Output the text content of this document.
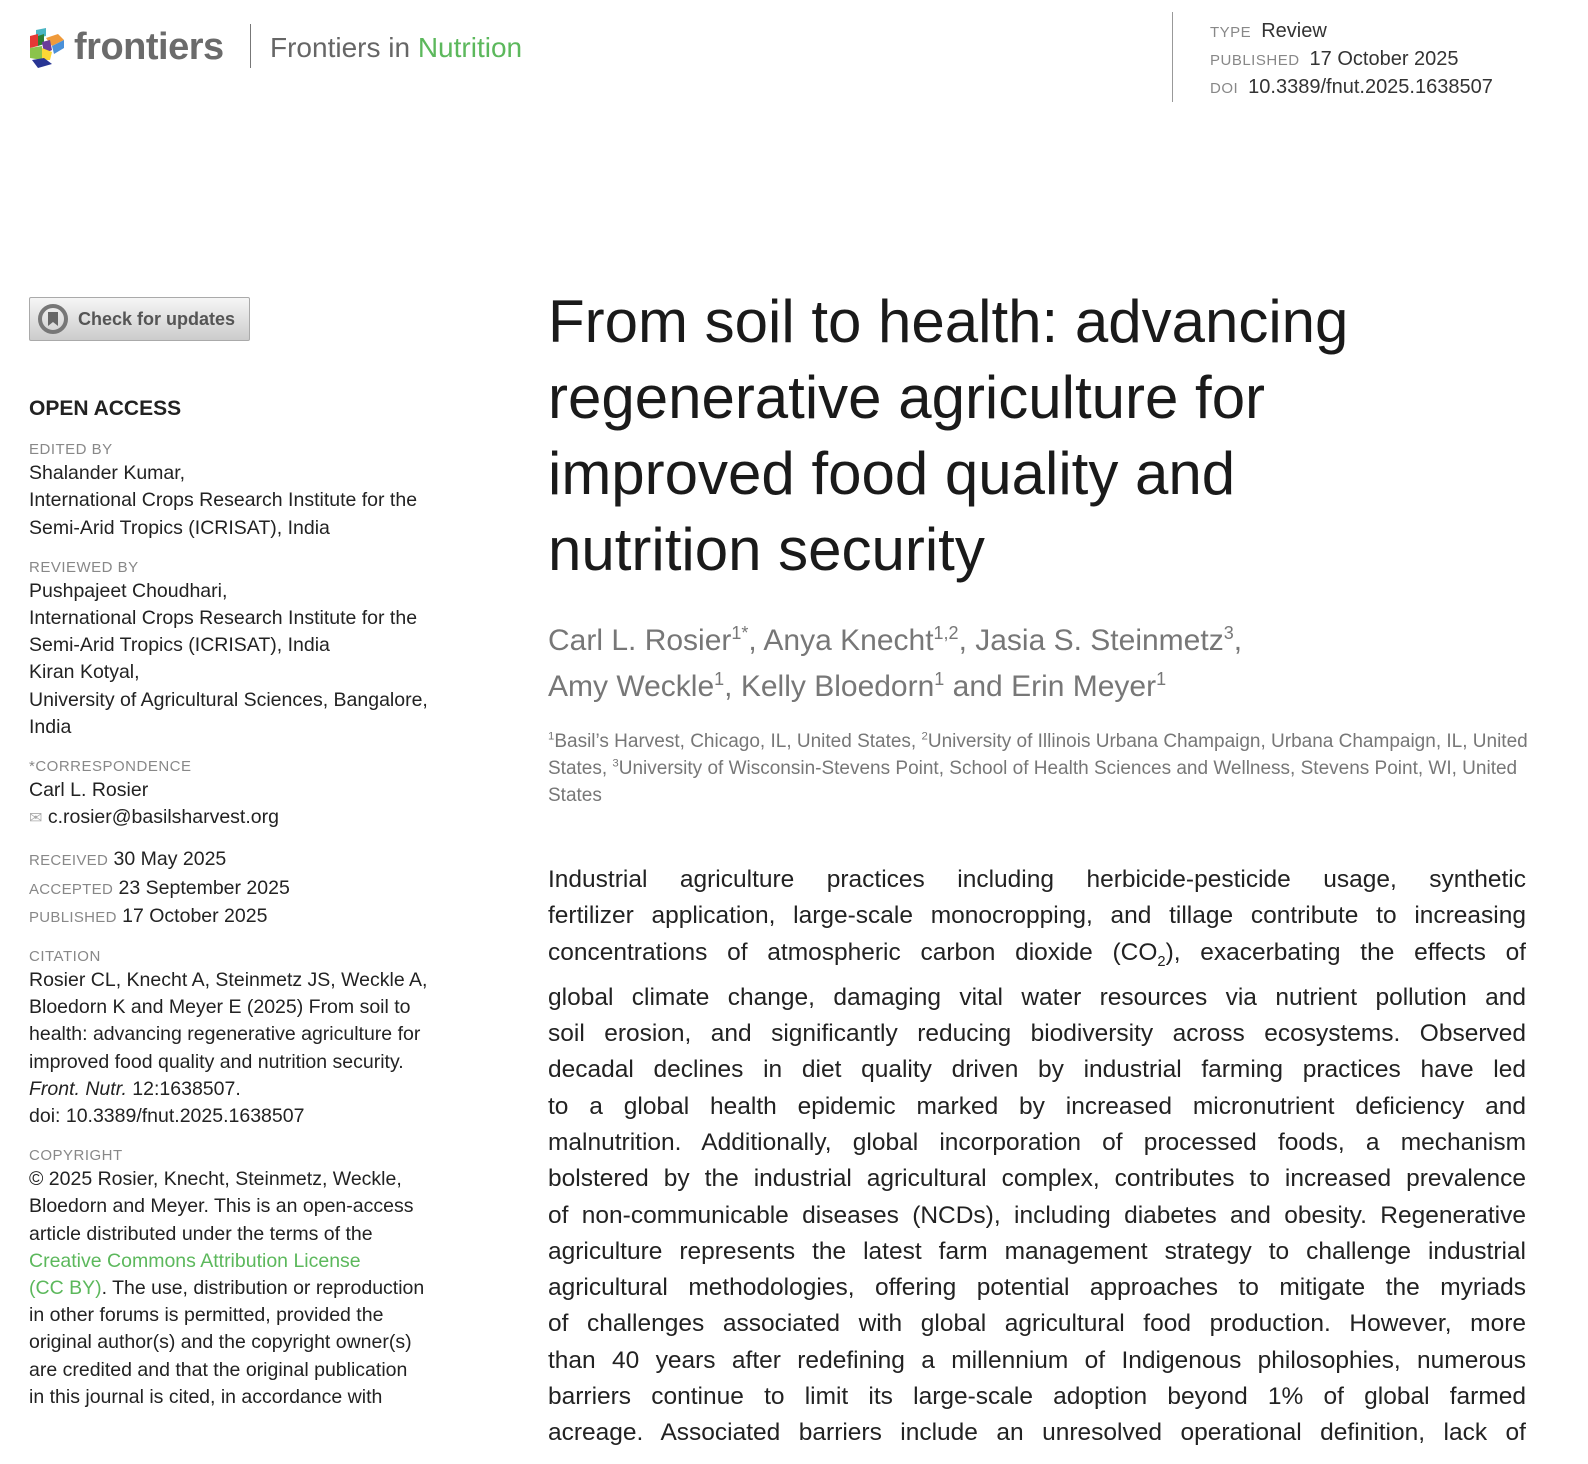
frontiers Frontiers in Nutrition	TYPE Review
PUBLISHED 17 October 2025
DOI 10.3389/fnut.2025.1638507
Check for updates
OPEN ACCESS
EDITED BY
Shalander Kumar,
International Crops Research Institute for the
Semi-Arid Tropics (ICRISAT), India
REVIEWED BY
Pushpajeet Choudhari,
International Crops Research Institute for the
Semi-Arid Tropics (ICRISAT), India
Kiran Kotyal,
University of Agricultural Sciences, Bangalore,
India
*CORRESPONDENCE
Carl L. Rosier
✉ c.rosier@basilsharvest.org
RECEIVED 30 May 2025
ACCEPTED 23 September 2025
PUBLISHED 17 October 2025
CITATION
Rosier CL, Knecht A, Steinmetz JS, Weckle A,
Bloedorn K and Meyer E (2025) From soil to
health: advancing regenerative agriculture for
improved food quality and nutrition security.
Front. Nutr. 12:1638507.
doi: 10.3389/fnut.2025.1638507
COPYRIGHT
© 2025 Rosier, Knecht, Steinmetz, Weckle,
Bloedorn and Meyer. This is an open-access
article distributed under the terms of the
Creative Commons Attribution License
(CC BY). The use, distribution or reproduction
in other forums is permitted, provided the
original author(s) and the copyright owner(s)
are credited and that the original publication
in this journal is cited, in accordance with
From soil to health: advancing
regenerative agriculture for
improved food quality and
nutrition security
Carl L. Rosier$^{1*}$, Anya Knecht$^{1,2}$, Jasia S. Steinmetz$^3$,
Amy Weckle$^1$, Kelly Bloedorn$^1$ and Erin Meyer$^1$
$^1$Basil’s Harvest, Chicago, IL, United States, $^2$University of Illinois Urbana Champaign, Urbana Champaign, IL, United States, $^3$University of Wisconsin-Stevens Point, School of Health Sciences and Wellness, Stevens Point, WI, United States
Industrial agriculture practices including herbicide-pesticide usage, synthetic
fertilizer application, large-scale monocropping, and tillage contribute to increasing
concentrations of atmospheric carbon dioxide $(CO_2)$, exacerbating the effects of
global climate change, damaging vital water resources via nutrient pollution and
soil erosion, and significantly reducing biodiversity across ecosystems. Observed
decadal declines in diet quality driven by industrial farming practices have led
to a global health epidemic marked by increased micronutrient deficiency and
malnutrition. Additionally, global incorporation of processed foods, a mechanism
bolstered by the industrial agricultural complex, contributes to increased prevalence
of non-communicable diseases (NCDs), including diabetes and obesity. Regenerative
agriculture represents the latest farm management strategy to challenge industrial
agricultural methodologies, offering potential approaches to mitigate the myriads
of challenges associated with global agricultural food production. However, more
than 40 years after redefining a millennium of Indigenous philosophies, numerous
barriers continue to limit its large-scale adoption beyond 1% of global farmed
acreage. Associated barriers include an unresolved operational definition, lack of
